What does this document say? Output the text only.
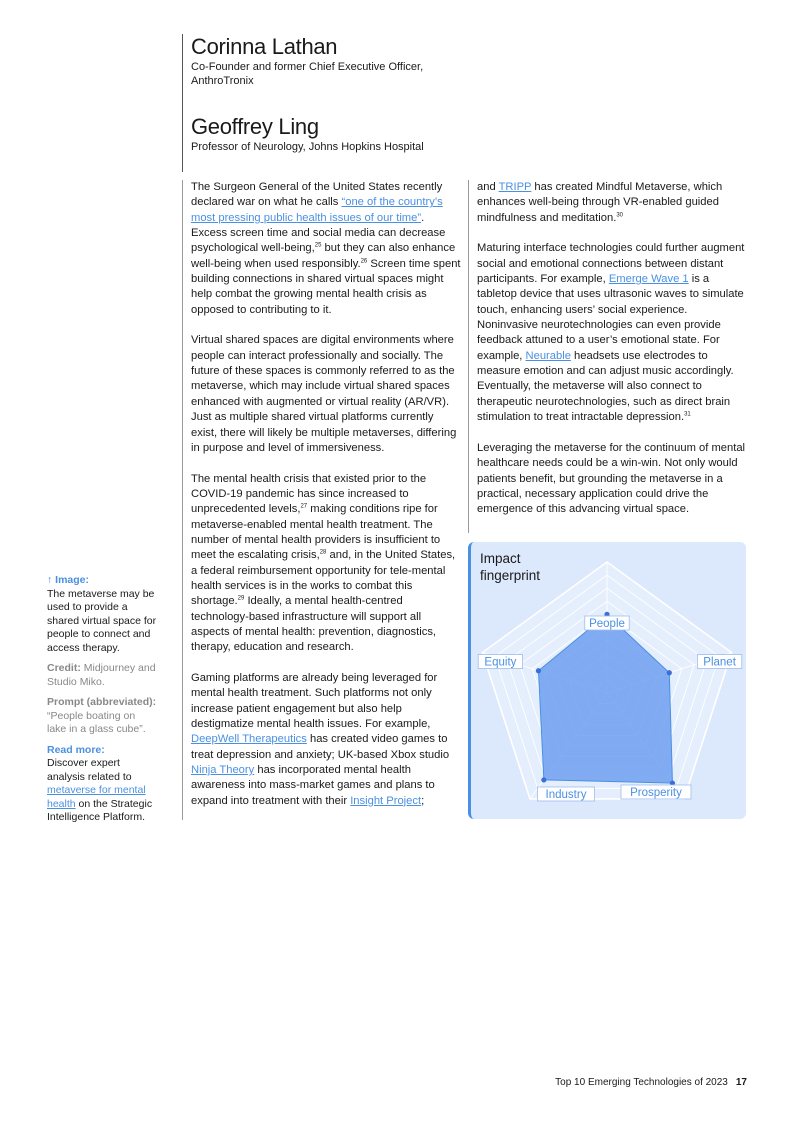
Corinna Lathan

Co-Founder and former Chief Executive Officer, AnthroTronix

Geoffrey Ling

Professor of Neurology, Johns Hopkins Hospital

The Surgeon General of the United States recently declared war on what he calls “one of the country’s most pressing public health issues of our time”. Excess screen time and social media can decrease psychological well-being,$^{25}$ but they can also enhance well-being when used responsibly.$^{26}$ Screen time spent building connections in shared virtual spaces might help combat the growing mental health crisis as opposed to contributing to it.

Virtual shared spaces are digital environments where people can interact professionally and socially. The future of these spaces is commonly referred to as the metaverse, which may include virtual shared spaces enhanced with augmented or virtual reality (AR/VR). Just as multiple shared virtual platforms currently exist, there will likely be multiple metaverses, differing in purpose and level of immersiveness.

The mental health crisis that existed prior to the COVID-19 pandemic has since increased to unprecedented levels,$^{27}$ making conditions ripe for metaverse-enabled mental health treatment. The number of mental health providers is insufficient to meet the escalating crisis,$^{28}$ and, in the United States, a federal reimbursement opportunity for tele-mental health services is in the works to combat this shortage.$^{29}$ Ideally, a mental health-centred technology-based infrastructure will support all aspects of mental health: prevention, diagnostics, therapy, education and research.

Gaming platforms are already being leveraged for mental health treatment. Such platforms not only increase patient engagement but also help destigmatize mental health issues. For example, DeepWell Therapeutics has created video games to treat depression and anxiety; UK-based Xbox studio Ninja Theory has incorporated mental health awareness into mass-market games and plans to expand into treatment with their Insight Project;

and TRIPP has created Mindful Metaverse, which enhances well-being through VR-enabled guided mindfulness and meditation.$^{30}$

Maturing interface technologies could further augment social and emotional connections between distant participants. For example, Emerge Wave 1 is a tabletop device that uses ultrasonic waves to simulate touch, enhancing users’ social experience. Noninvasive neurotechnologies can even provide feedback attuned to a user’s emotional state. For example, Neurable headsets use electrodes to measure emotion and can adjust music accordingly. Eventually, the metaverse will also connect to therapeutic neurotechnologies, such as direct brain stimulation to treat intractable depression.$^{31}$

Leveraging the metaverse for the continuum of mental healthcare needs could be a win-win. Not only would patients benefit, but grounding the metaverse in a practical, necessary application could drive the emergence of this advancing virtual space.

↑ Image:
The metaverse may be used to provide a shared virtual space for people to connect and access therapy.

Credit: Midjourney and Studio Miko.

Prompt (abbreviated):
“People boating on lake in a glass cube”.

Read more:
Discover expert analysis related to metaverse for mental health on the Strategic Intelligence Platform.

Impact fingerprint
People
Planet
Prosperity
Industry
Equity
Top 10 Emerging Technologies of 2023 17
